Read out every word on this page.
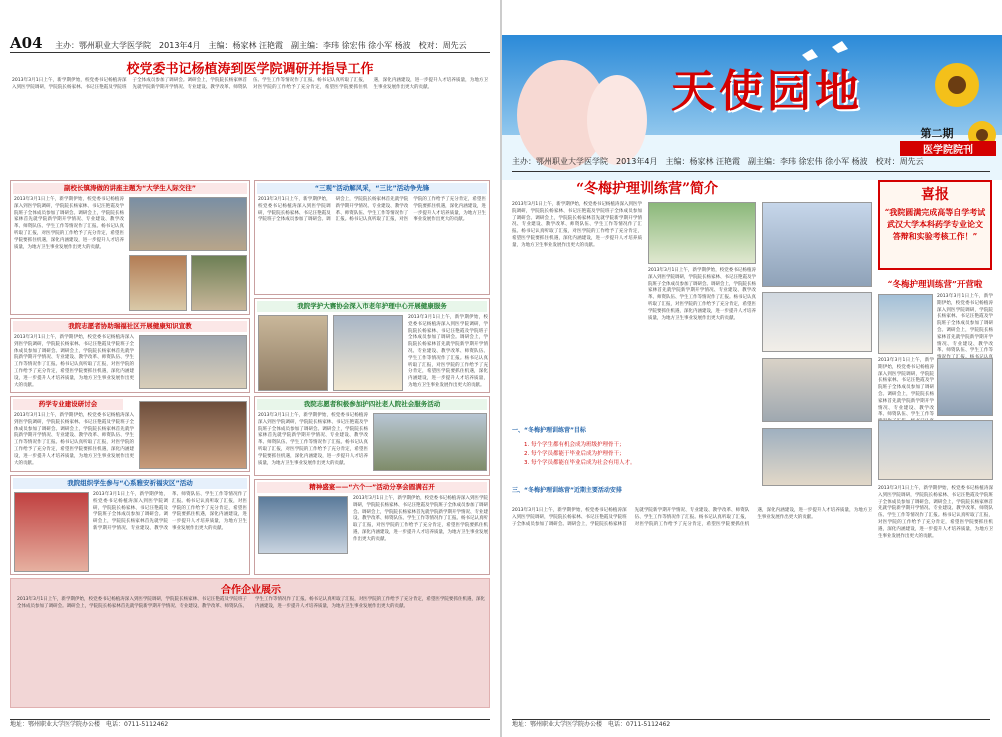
A04 主办：鄂州职业大学医学院　2013年4月　主编：杨家林 汪艳霞　副主编：李玮 徐宏伟 徐小军 杨波　校对：周先云
校党委书记杨植涛到医学院调研并指导工作
2013年3月1日上午，新学期伊始，校党委书记杨植涛深入到医学院调研，学院院长杨家林、书记汪艳霞及学院班子全体成员参加了调研会。调研会上，学院院长杨家林首先就学院新学期开学情况、专业建设、教学改革、师资队伍、学生工作等情况作了汇报。杨书记认真听取了汇报，对医学院的工作给予了充分肯定，希望医学院要抓住机遇，深化内涵建设，进一步提升人才培养质量，为地方卫生事业发展作出更大的贡献。
副校长镇涛做的讲座主题为“大学生人际交往”
2013年3月1日上午，新学期伊始，校党委书记杨植涛深入到医学院调研，学院院长杨家林、书记汪艳霞及学院班子全体成员参加了调研会。调研会上，学院院长杨家林首先就学院新学期开学情况、专业建设、教学改革、师资队伍、学生工作等情况作了汇报。杨书记认真听取了汇报，对医学院的工作给予了充分肯定，希望医学院要抓住机遇，深化内涵建设，进一步提升人才培养质量，为地方卫生事业发展作出更大的贡献。
“三观”活动解风采，“三比”活动争先锋
2013年3月1日上午，新学期伊始，校党委书记杨植涛深入到医学院调研，学院院长杨家林、书记汪艳霞及学院班子全体成员参加了调研会。调研会上，学院院长杨家林首先就学院新学期开学情况、专业建设、教学改革、师资队伍、学生工作等情况作了汇报。杨书记认真听取了汇报，对医学院的工作给予了充分肯定，希望医学院要抓住机遇，深化内涵建设，进一步提升人才培养质量，为地方卫生事业发展作出更大的贡献。
我院志愿者协助瑞福社区开展健康知识宣教
2013年3月1日上午，新学期伊始，校党委书记杨植涛深入到医学院调研，学院院长杨家林、书记汪艳霞及学院班子全体成员参加了调研会。调研会上，学院院长杨家林首先就学院新学期开学情况、专业建设、教学改革、师资队伍、学生工作等情况作了汇报。杨书记认真听取了汇报，对医学院的工作给予了充分肯定，希望医学院要抓住机遇，深化内涵建设，进一步提升人才培养质量，为地方卫生事业发展作出更大的贡献。
我院学护大赛协会深入市老年护理中心开展健康服务
2013年3月1日上午，新学期伊始，校党委书记杨植涛深入到医学院调研，学院院长杨家林、书记汪艳霞及学院班子全体成员参加了调研会。调研会上，学院院长杨家林首先就学院新学期开学情况、专业建设、教学改革、师资队伍、学生工作等情况作了汇报。杨书记认真听取了汇报，对医学院的工作给予了充分肯定，希望医学院要抓住机遇，深化内涵建设，进一步提升人才培养质量，为地方卫生事业发展作出更大的贡献。
药学专业建设研讨会
2013年3月1日上午，新学期伊始，校党委书记杨植涛深入到医学院调研，学院院长杨家林、书记汪艳霞及学院班子全体成员参加了调研会。调研会上，学院院长杨家林首先就学院新学期开学情况、专业建设、教学改革、师资队伍、学生工作等情况作了汇报。杨书记认真听取了汇报，对医学院的工作给予了充分肯定，希望医学院要抓住机遇，深化内涵建设，进一步提升人才培养质量，为地方卫生事业发展作出更大的贡献。
我院志愿者积极参加护四社老人院社会服务活动
2013年3月1日上午，新学期伊始，校党委书记杨植涛深入到医学院调研，学院院长杨家林、书记汪艳霞及学院班子全体成员参加了调研会。调研会上，学院院长杨家林首先就学院新学期开学情况、专业建设、教学改革、师资队伍、学生工作等情况作了汇报。杨书记认真听取了汇报，对医学院的工作给予了充分肯定，希望医学院要抓住机遇，深化内涵建设，进一步提升人才培养质量，为地方卫生事业发展作出更大的贡献。
我院组织学生参与“心系雅安祈福灾区”活动
2013年3月1日上午，新学期伊始，校党委书记杨植涛深入到医学院调研，学院院长杨家林、书记汪艳霞及学院班子全体成员参加了调研会。调研会上，学院院长杨家林首先就学院新学期开学情况、专业建设、教学改革、师资队伍、学生工作等情况作了汇报。杨书记认真听取了汇报，对医学院的工作给予了充分肯定，希望医学院要抓住机遇，深化内涵建设，进一步提升人才培养质量，为地方卫生事业发展作出更大的贡献。
精神盛宴——“六个一”活动分享会圆满召开
2013年3月1日上午，新学期伊始，校党委书记杨植涛深入到医学院调研，学院院长杨家林、书记汪艳霞及学院班子全体成员参加了调研会。调研会上，学院院长杨家林首先就学院新学期开学情况、专业建设、教学改革、师资队伍、学生工作等情况作了汇报。杨书记认真听取了汇报，对医学院的工作给予了充分肯定，希望医学院要抓住机遇，深化内涵建设，进一步提升人才培养质量，为地方卫生事业发展作出更大的贡献。
合作企业展示
2013年3月1日上午，新学期伊始，校党委书记杨植涛深入到医学院调研，学院院长杨家林、书记汪艳霞及学院班子全体成员参加了调研会。调研会上，学院院长杨家林首先就学院新学期开学情况、专业建设、教学改革、师资队伍、学生工作等情况作了汇报。杨书记认真听取了汇报，对医学院的工作给予了充分肯定，希望医学院要抓住机遇，深化内涵建设，进一步提升人才培养质量，为地方卫生事业发展作出更大的贡献。
地址：鄂州职业大学医学院办公楼　电话：0711-5112462
天使园地
第二期
医学院院刊
主办：鄂州职业大学医学院　2013年4月　主编：杨家林 汪艳霞　副主编：李玮 徐宏伟 徐小军 杨波　校对：周先云
“冬梅护理训练营”简介
2013年3月1日上午，新学期伊始，校党委书记杨植涛深入到医学院调研，学院院长杨家林、书记汪艳霞及学院班子全体成员参加了调研会。调研会上，学院院长杨家林首先就学院新学期开学情况、专业建设、教学改革、师资队伍、学生工作等情况作了汇报。杨书记认真听取了汇报，对医学院的工作给予了充分肯定，希望医学院要抓住机遇，深化内涵建设，进一步提升人才培养质量，为地方卫生事业发展作出更大的贡献。
2013年3月1日上午，新学期伊始，校党委书记杨植涛深入到医学院调研，学院院长杨家林、书记汪艳霞及学院班子全体成员参加了调研会。调研会上，学院院长杨家林首先就学院新学期开学情况、专业建设、教学改革、师资队伍、学生工作等情况作了汇报。杨书记认真听取了汇报，对医学院的工作给予了充分肯定，希望医学院要抓住机遇，深化内涵建设，进一步提升人才培养质量，为地方卫生事业发展作出更大的贡献。
一、“冬梅护理训练营”目标
1. 每个学生都有机会成为班级护理骨干；
2. 每个学员都能于毕业后成为护理骨干；
3. 每个学员都能在毕业后成为社会有用人才。
三、“冬梅护理训练营”近期主要活动安排
2013年3月1日上午，新学期伊始，校党委书记杨植涛深入到医学院调研，学院院长杨家林、书记汪艳霞及学院班子全体成员参加了调研会。调研会上，学院院长杨家林首先就学院新学期开学情况、专业建设、教学改革、师资队伍、学生工作等情况作了汇报。杨书记认真听取了汇报，对医学院的工作给予了充分肯定，希望医学院要抓住机遇，深化内涵建设，进一步提升人才培养质量，为地方卫生事业发展作出更大的贡献。
喜报
“我院圆满完成高等自学考试武汉大学本科药学专业论文答辩和实验考核工作！”
“冬梅护理训练营”开营啦
2013年3月1日上午，新学期伊始，校党委书记杨植涛深入到医学院调研，学院院长杨家林、书记汪艳霞及学院班子全体成员参加了调研会。调研会上，学院院长杨家林首先就学院新学期开学情况、专业建设、教学改革、师资队伍、学生工作等
2013年3月1日上午，新学期伊始，校党委书记杨植涛深入到医学院调研，学院院长杨家林、书记汪艳霞及学院班子全体成员参加了调研会。调研会上，学院院长杨家林首先就学院新学期开学情况、专业建设、教学改革、师资队伍、学生工作等
2013年3月1日上午，新学期伊始，校党委书记杨植涛深入到医学院调研，学院院长杨家林、书记汪艳霞及学院班子全体成员参加了调研会。调研会上，学院院长杨家林首先就学院新学期开学情况、专业建设、教学改革、师资队伍、学生工作等情况作了汇报。杨书记认真听取了汇报，对医学院的工作给予了充分肯定，希望医学院要抓住机遇，深化内涵建设，进一步提升人才培养质量，为地方卫生事业发展作出更大的贡献。
地址：鄂州职业大学医学院办公楼　电话：0711-5112462
